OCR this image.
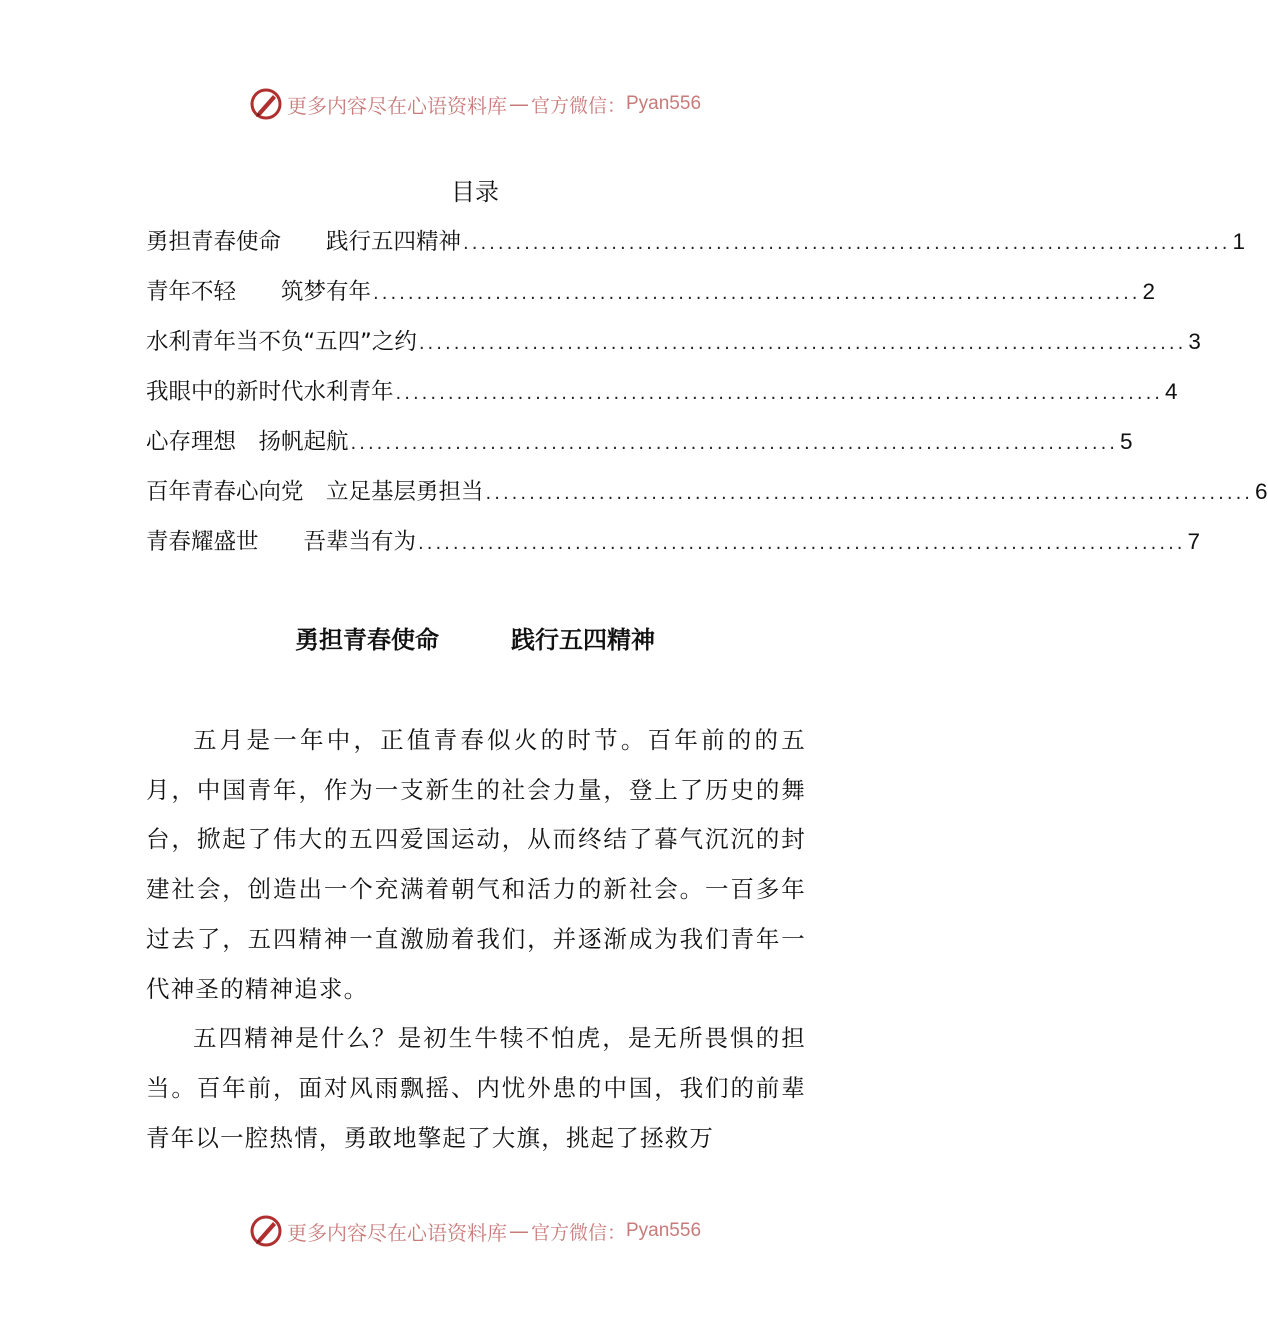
更多内容尽在心语资料库 — 官方微信： Pyan556
目录
勇担青春使命　　践行五四精神 ........................................................................................ 1
青年不轻　　筑梦有年 ........................................................................................ 2
水利青年当不负“五四”之约 ........................................................................................ 3
我眼中的新时代水利青年 ........................................................................................ 4
心存理想　扬帆起航 ........................................................................................ 5
百年青春心向党　立足基层勇担当 ........................................................................................ 6
青春耀盛世　　吾辈当有为 ........................................................................................ 7
勇担青春使命　　　践行五四精神

五月是一年中，正值青春似火的时节。百年前的的五月，中国青年，作为一支新生的社会力量，登上了历史的舞台，掀起了伟大的五四爱国运动，从而终结了暮气沉沉的封建社会，创造出一个充满着朝气和活力的新社会。一百多年过去了，五四精神一直激励着我们，并逐渐成为我们青年一代神圣的精神追求。

五四精神是什么？是初生牛犊不怕虎，是无所畏惧的担当。百年前，面对风雨飘摇、内忧外患的中国，我们的前辈青年以一腔热情，勇敢地擎起了大旗，挑起了拯救万

更多内容尽在心语资料库 — 官方微信： Pyan556
